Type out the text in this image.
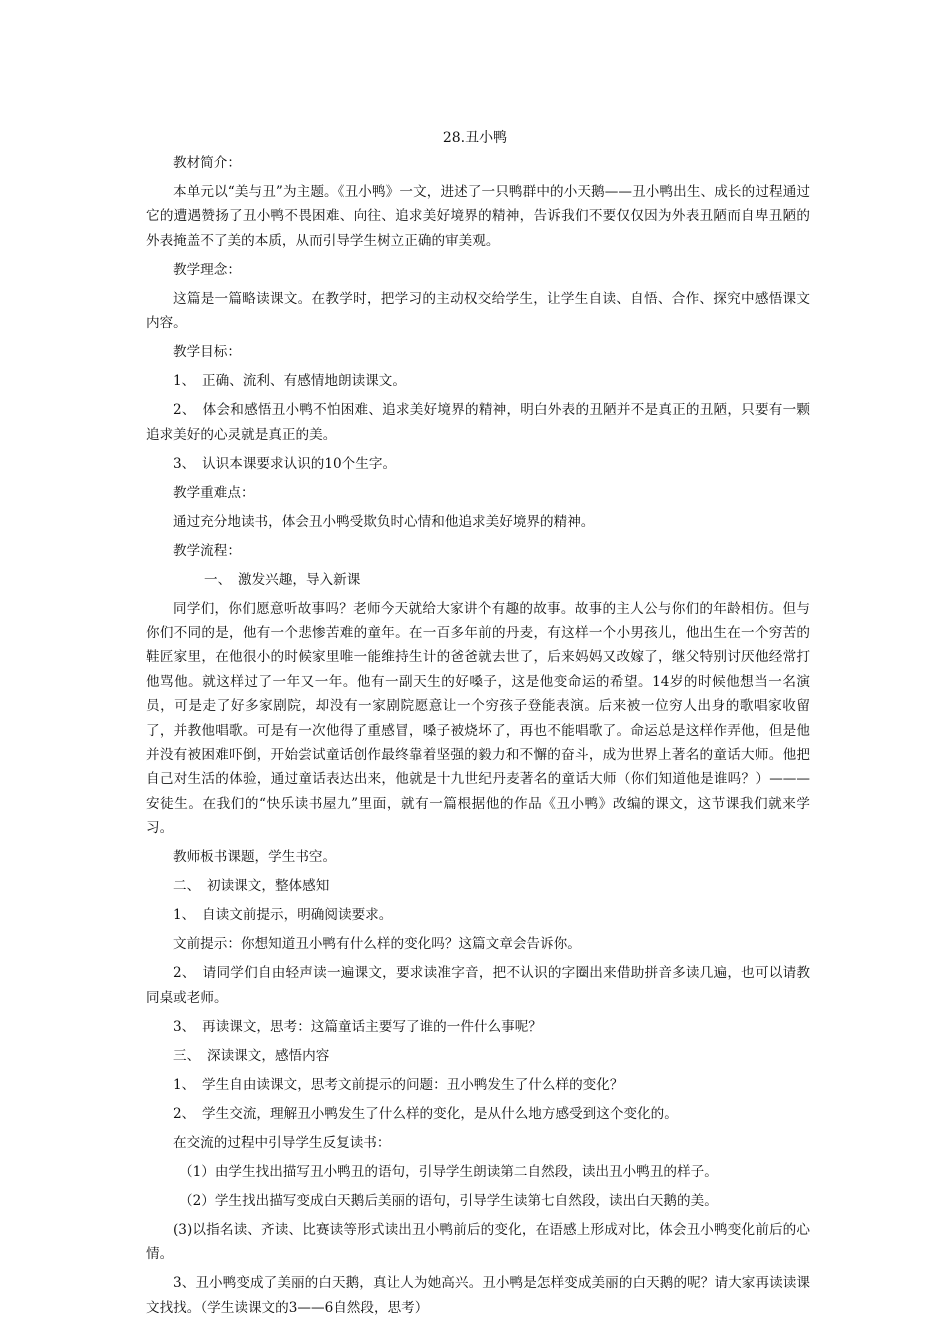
28.丑小鸭

教材简介：

本单元以“美与丑”为主题。《丑小鸭》一文，进述了一只鸭群中的小天鹅——丑小鸭出生、成长的过程通过它的遭遇赞扬了丑小鸭不畏困难、向往、追求美好境界的精神，告诉我们不要仅仅因为外表丑陋而自卑丑陋的外表掩盖不了美的本质，从而引导学生树立正确的审美观。

教学理念：

这篇是一篇略读课文。在教学时，把学习的主动权交给学生，让学生自读、自悟、合作、探究中感悟课文内容。

教学目标：

1、　正确、流利、有感情地朗读课文。

2、　体会和感悟丑小鸭不怕困难、追求美好境界的精神，明白外表的丑陋并不是真正的丑陋，只要有一颗追求美好的心灵就是真正的美。

3、　认识本课要求认识的10个生字。

教学重难点：

通过充分地读书，体会丑小鸭受欺负时心情和他追求美好境界的精神。

教学流程：

一、　激发兴趣，导入新课

同学们，你们愿意听故事吗？老师今天就给大家讲个有趣的故事。故事的主人公与你们的年龄相仿。但与你们不同的是，他有一个悲惨苦难的童年。在一百多年前的丹麦，有这样一个小男孩儿，他出生在一个穷苦的鞋匠家里，在他很小的时候家里唯一能维持生计的爸爸就去世了，后来妈妈又改嫁了，继父特别讨厌他经常打他骂他。就这样过了一年又一年。他有一副天生的好嗓子，这是他变命运的希望。14岁的时候他想当一名演员，可是走了好多家剧院，却没有一家剧院愿意让一个穷孩子登能表演。后来被一位穷人出身的歌唱家收留了，并教他唱歌。可是有一次他得了重感冒，嗓子被烧坏了，再也不能唱歌了。命运总是这样作弄他，但是他并没有被困难吓倒，开始尝试童话创作最终靠着坚强的毅力和不懈的奋斗，成为世界上著名的童话大师。他把自己对生活的体验，通过童话表达出来，他就是十九世纪丹麦著名的童话大师（你们知道他是谁吗？）———安徒生。在我们的“快乐读书屋九”里面，就有一篇根据他的作品《丑小鸭》改编的课文，这节课我们就来学习。

教师板书课题，学生书空。

二、　初读课文，整体感知

1、　自读文前提示，明确阅读要求。

文前提示：你想知道丑小鸭有什么样的变化吗？这篇文章会告诉你。

2、　请同学们自由轻声读一遍课文，要求读准字音，把不认识的字圈出来借助拼音多读几遍，也可以请教同桌或老师。

3、　再读课文，思考：这篇童话主要写了谁的一件什么事呢？

三、　深读课文，感悟内容

1、　学生自由读课文，思考文前提示的问题：丑小鸭发生了什么样的变化？

2、　学生交流，理解丑小鸭发生了什么样的变化，是从什么地方感受到这个变化的。

在交流的过程中引导学生反复读书：

（1）由学生找出描写丑小鸭丑的语句，引导学生朗读第二自然段，读出丑小鸭丑的样子。

（2）学生找出描写变成白天鹅后美丽的语句，引导学生读第七自然段，读出白天鹅的美。

(3)以指名读、齐读、比赛读等形式读出丑小鸭前后的变化，在语感上形成对比，体会丑小鸭变化前后的心情。

3、丑小鸭变成了美丽的白天鹅，真让人为她高兴。丑小鸭是怎样变成美丽的白天鹅的呢？请大家再读读课文找找。（学生读课文的3——6自然段，思考）
